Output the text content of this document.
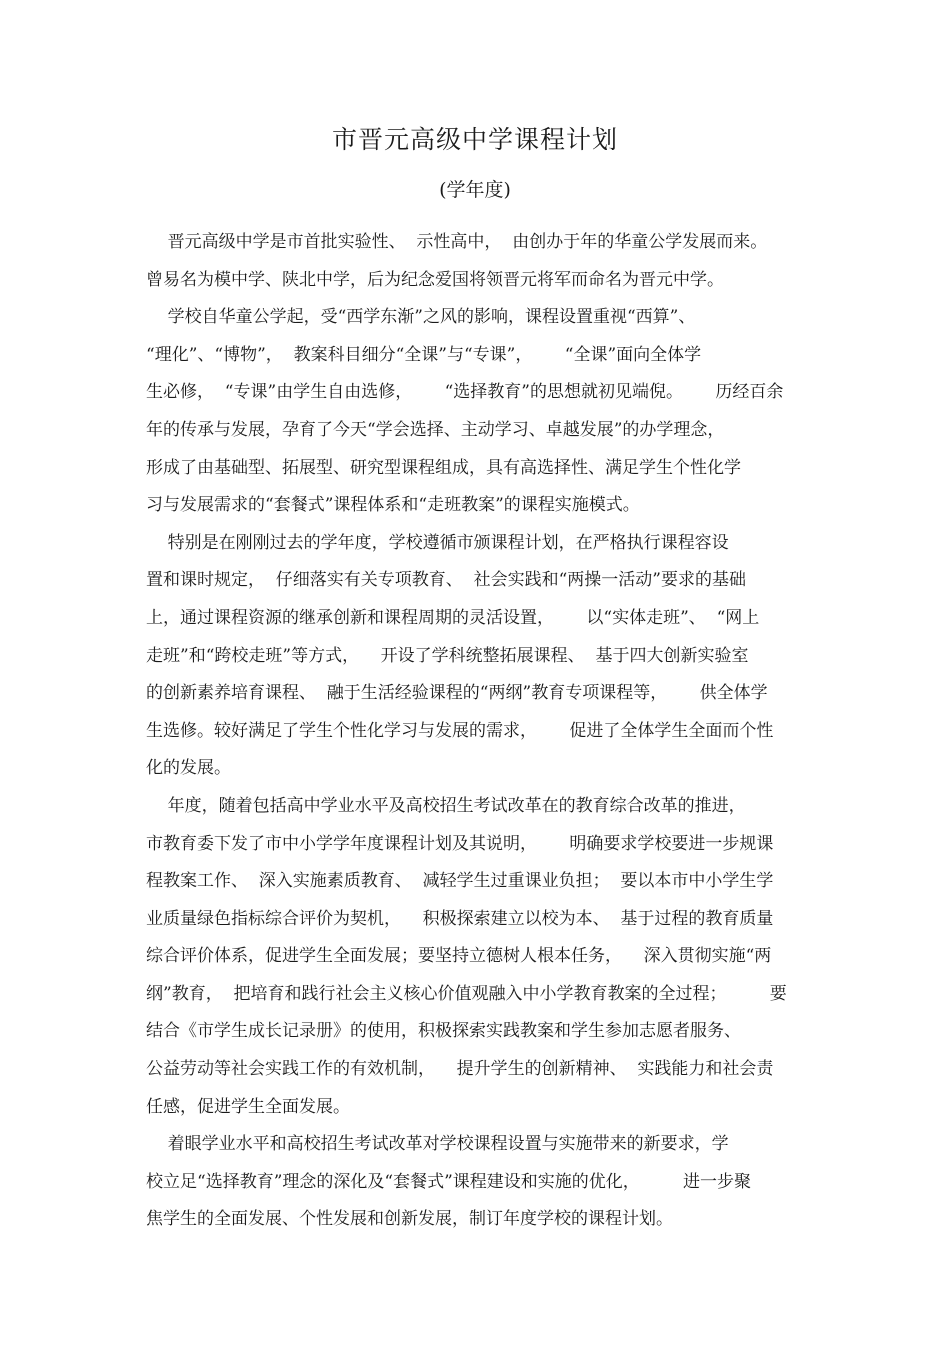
市晋元高级中学课程计划
(学年度)
晋元高级中学是市首批实验性、  示性高中，  由创办于年的华童公学发展而来。
曾易名为模中学、陕北中学，后为纪念爱国将领晋元将军而命名为晋元中学。
学校自华童公学起，受“西学东渐”之风的影响，课程设置重视“西算”、
“理化”、“博物”，  教案科目细分“全课”与“专课”，      “全课”面向全体学
生必修，  “专课”由学生自由选修，      “选择教育”的思想就初见端倪。      历经百余
年的传承与发展，孕育了今天“学会选择、主动学习、卓越发展”的办学理念，
形成了由基础型、拓展型、研究型课程组成，具有高选择性、满足学生个性化学
习与发展需求的“套餐式”课程体系和“走班教案”的课程实施模式。
特别是在刚刚过去的学年度，学校遵循市颁课程计划，在严格执行课程容设
置和课时规定，  仔细落实有关专项教育、  社会实践和“两操一活动”要求的基础
上，通过课程资源的继承创新和课程周期的灵活设置，      以“实体走班”、  “网上
走班”和“跨校走班”等方式，    开设了学科统整拓展课程、  基于四大创新实验室
的创新素养培育课程、  融于生活经验课程的“两纲”教育专项课程等，      供全体学
生选修。较好满足了学生个性化学习与发展的需求，      促进了全体学生全面而个性
化的发展。
年度，随着包括高中学业水平及高校招生考试改革在的教育综合改革的推进，
市教育委下发了市中小学学年度课程计划及其说明，      明确要求学校要进一步规课
程教案工作、  深入实施素质教育、  减轻学生过重课业负担；  要以本市中小学生学
业质量绿色指标综合评价为契机，    积极探索建立以校为本、  基于过程的教育质量
综合评价体系，促进学生全面发展；要坚持立德树人根本任务，    深入贯彻实施“两
纲”教育，  把培育和践行社会主义核心价值观融入中小学教育教案的全过程；        要
结合《市学生成长记录册》的使用，积极探索实践教案和学生参加志愿者服务、
公益劳动等社会实践工作的有效机制，    提升学生的创新精神、  实践能力和社会责
任感，促进学生全面发展。
着眼学业水平和高校招生考试改革对学校课程设置与实施带来的新要求，学
校立足“选择教育”理念的深化及“套餐式”课程建设和实施的优化，        进一步聚
焦学生的全面发展、个性发展和创新发展，制订年度学校的课程计划。
